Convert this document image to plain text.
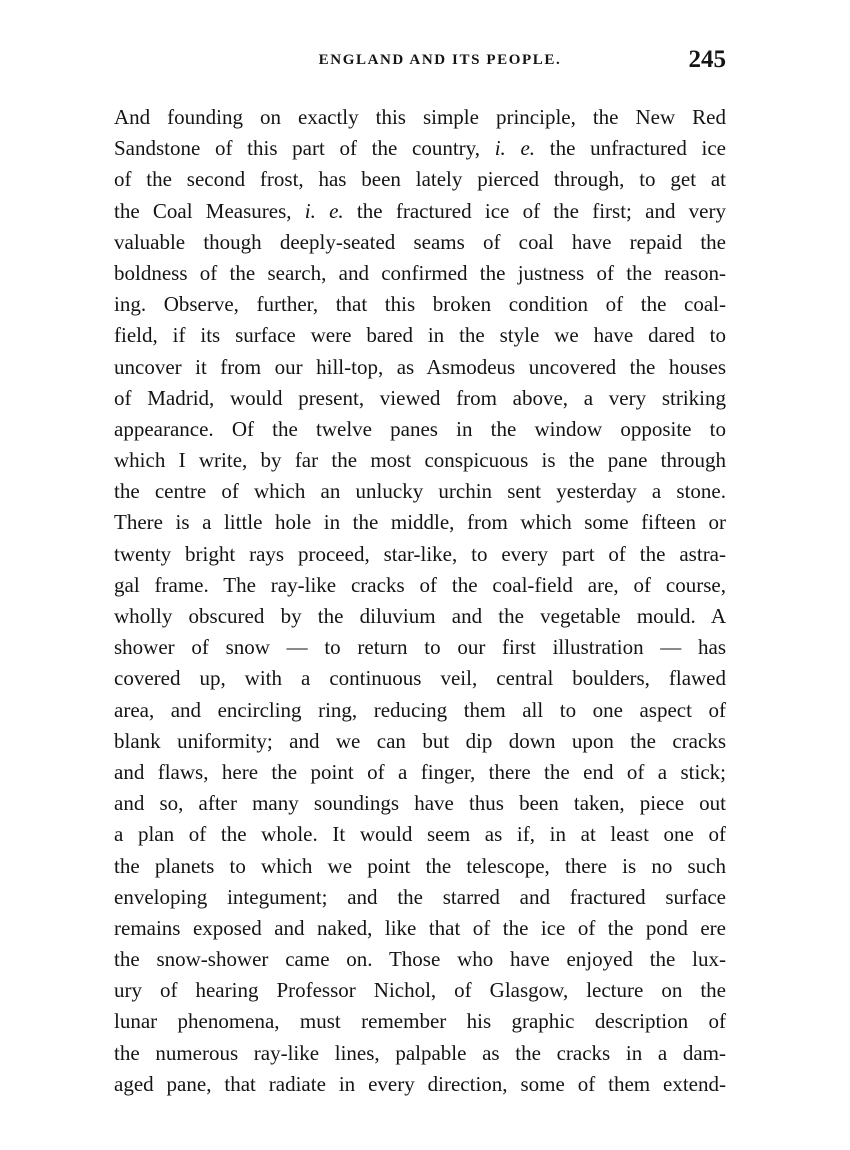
ENGLAND AND ITS PEOPLE.	245
And founding on exactly this simple principle, the New Red
Sandstone of this part of the country, i. e. the unfractured ice
of the second frost, has been lately pierced through, to get at
the Coal Measures, i. e. the fractured ice of the first; and very
valuable though deeply-seated seams of coal have repaid the
boldness of the search, and confirmed the justness of the reason-
ing. Observe, further, that this broken condition of the coal-
field, if its surface were bared in the style we have dared to
uncover it from our hill-top, as Asmodeus uncovered the houses
of Madrid, would present, viewed from above, a very striking
appearance. Of the twelve panes in the window opposite to
which I write, by far the most conspicuous is the pane through
the centre of which an unlucky urchin sent yesterday a stone.
There is a little hole in the middle, from which some fifteen or
twenty bright rays proceed, star-like, to every part of the astra-
gal frame. The ray-like cracks of the coal-field are, of course,
wholly obscured by the diluvium and the vegetable mould. A
shower of snow — to return to our first illustration — has
covered up, with a continuous veil, central boulders, flawed
area, and encircling ring, reducing them all to one aspect of
blank uniformity; and we can but dip down upon the cracks
and flaws, here the point of a finger, there the end of a stick;
and so, after many soundings have thus been taken, piece out
a plan of the whole. It would seem as if, in at least one of
the planets to which we point the telescope, there is no such
enveloping integument; and the starred and fractured surface
remains exposed and naked, like that of the ice of the pond ere
the snow-shower came on. Those who have enjoyed the lux-
ury of hearing Professor Nichol, of Glasgow, lecture on the
lunar phenomena, must remember his graphic description of
the numerous ray-like lines, palpable as the cracks in a dam-
aged pane, that radiate in every direction, some of them extend-
